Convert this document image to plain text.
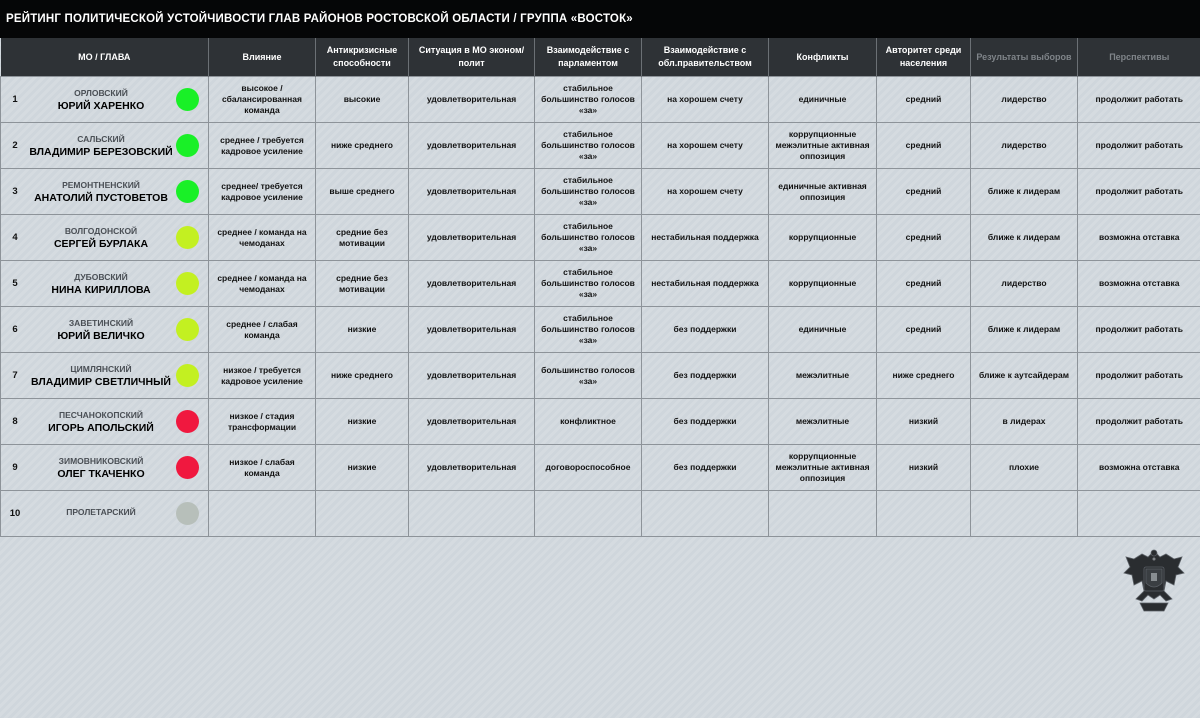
РЕЙТИНГ ПОЛИТИЧЕСКОЙ УСТОЙЧИВОСТИ ГЛАВ РАЙОНОВ РОСТОВСКОЙ ОБЛАСТИ / ГРУППА «ВОСТОК»
МО / ГЛАВА	Влияние	Антикризисные способности	Ситуация в МО эконом/полит	Взаимодействие с парламентом	Взаимодействие с обл.правительством	Конфликты	Авторитет среди населения	Результаты выборов	Перспективы

1
ОРЛОВСКИЙ
ЮРИЙ ХАРЕНКО	высокое / сбалансированная команда	высокие	удовлетворительная	стабильное большинство голосов «за»	на хорошем счету	единичные	средний	лидерство	продолжит работать

2
САЛЬСКИЙ
ВЛАДИМИР БЕРЕЗОВСКИЙ	среднее / требуется кадровое усиление	ниже среднего	удовлетворительная	стабильное большинство голосов «за»	на хорошем счету	коррупционные межэлитные активная оппозиция	средний	лидерство	продолжит работать

3
РЕМОНТНЕНСКИЙ
АНАТОЛИЙ ПУСТОВЕТОВ	среднее/ требуется кадровое усиление	выше среднего	удовлетворительная	стабильное большинство голосов «за»	на хорошем счету	единичные активная оппозиция	средний	ближе к лидерам	продолжит работать

4
ВОЛГОДОНСКОЙ
СЕРГЕЙ БУРЛАКА	среднее / команда на чемоданах	средние без мотивации	удовлетворительная	стабильное большинство голосов «за»	нестабильная поддержка	коррупционные	средний	ближе к лидерам	возможна отставка

5
ДУБОВСКИЙ
НИНА КИРИЛЛОВА	среднее / команда на чемоданах	средние без мотивации	удовлетворительная	стабильное большинство голосов «за»	нестабильная поддержка	коррупционные	средний	лидерство	возможна отставка

6
ЗАВЕТИНСКИЙ
ЮРИЙ ВЕЛИЧКО	среднее / слабая команда	низкие	удовлетворительная	стабильное большинство голосов «за»	без поддержки	единичные	средний	ближе к лидерам	продолжит работать

7
ЦИМЛЯНСКИЙ
ВЛАДИМИР СВЕТЛИЧНЫЙ	низкое / требуется кадровое усиление	ниже среднего	удовлетворительная	большинство голосов «за»	без поддержки	межэлитные	ниже среднего	ближе к аутсайдерам	продолжит работать

8
ПЕСЧАНОКОПСКИЙ
ИГОРЬ АПОЛЬСКИЙ	низкое / стадия трансформации	низкие	удовлетворительная	конфликтное	без поддержки	межэлитные	низкий	в лидерах	продолжит работать

9
ЗИМОВНИКОВСКИЙ
ОЛЕГ ТКАЧЕНКО	низкое / слабая команда	низкие	удовлетворительная	договороспособное	без поддержки	коррупционные межэлитные активная оппозиция	низкий	плохие	возможна отставка

10 ПРОЛЕТАРСКИЙ									
